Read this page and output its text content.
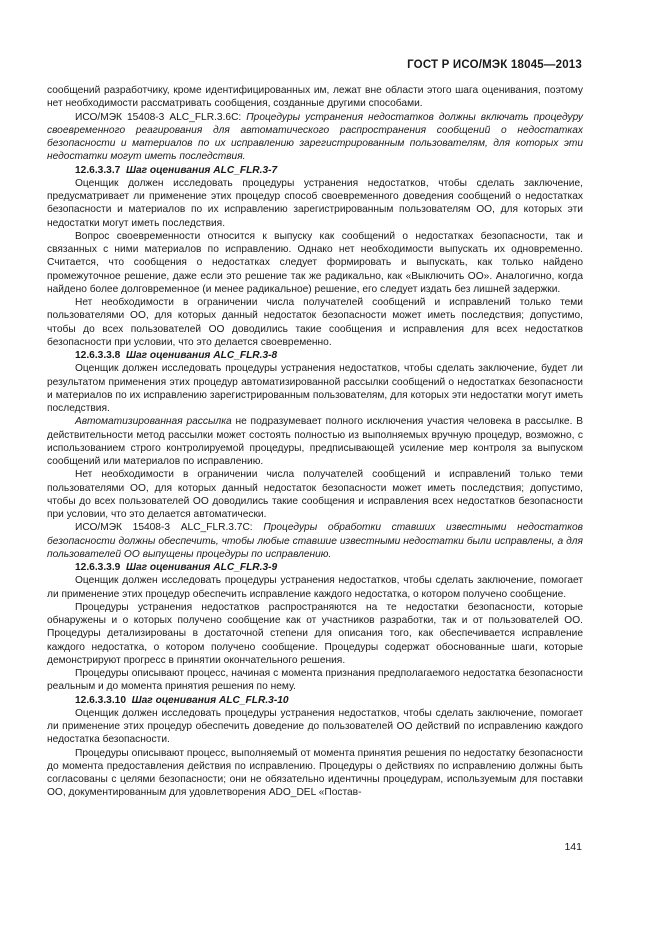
ГОСТ Р ИСО/МЭК 18045—2013

сообщений разработчику, кроме идентифицированных им, лежат вне области этого шага оценивания, поэтому нет необходимости рассматривать сообщения, созданные другими способами.

ИСО/МЭК 15408-3 ALC_FLR.3.6С: Процедуры устранения недостатков должны включать процедуру своевременного реагирования для автоматического распространения сообщений о недостатках безопасности и материалов по их исправлению зарегистрированным пользователям, для которых эти недостатки могут иметь последствия.

12.6.3.3.7 Шаг оценивания ALC_FLR.3-7

Оценщик должен исследовать процедуры устранения недостатков, чтобы сделать заключение, предусматривает ли применение этих процедур способ своевременного доведения сообщений о недостатках безопасности и материалов по их исправлению зарегистрированным пользователям ОО, для которых эти недостатки могут иметь последствия.

Вопрос своевременности относится к выпуску как сообщений о недостатках безопасности, так и связанных с ними материалов по исправлению. Однако нет необходимости выпускать их одновременно. Считается, что сообщения о недостатках следует формировать и выпускать, как только найдено промежуточное решение, даже если это решение так же радикально, как «Выключить ОО». Аналогично, когда найдено более долговременное (и менее радикальное) решение, его следует издать без лишней задержки.

Нет необходимости в ограничении числа получателей сообщений и исправлений только теми пользователями ОО, для которых данный недостаток безопасности может иметь последствия; допустимо, чтобы до всех пользователей ОО доводились такие сообщения и исправления для всех недостатков безопасности при условии, что это делается своевременно.

12.6.3.3.8 Шаг оценивания ALC_FLR.3-8

Оценщик должен исследовать процедуры устранения недостатков, чтобы сделать заключение, будет ли результатом применения этих процедур автоматизированной рассылки сообщений о недостатках безопасности и материалов по их исправлению зарегистрированным пользователям, для которых эти недостатки могут иметь последствия.

Автоматизированная рассылка не подразумевает полного исключения участия человека в рассылке. В действительности метод рассылки может состоять полностью из выполняемых вручную процедур, возможно, с использованием строго контролируемой процедуры, предписывающей усиление мер контроля за выпуском сообщений или материалов по исправлению.

Нет необходимости в ограничении числа получателей сообщений и исправлений только теми пользователями ОО, для которых данный недостаток безопасности может иметь последствия; допустимо, чтобы до всех пользователей ОО доводились такие сообщения и исправления всех недостатков безопасности при условии, что это делается автоматически.

ИСО/МЭК 15408-3 ALC_FLR.3.7С: Процедуры обработки ставших известными недостатков безопасности должны обеспечить, чтобы любые ставшие известными недостатки были исправлены, а для пользователей ОО выпущены процедуры по исправлению.

12.6.3.3.9 Шаг оценивания ALC_FLR.3-9

Оценщик должен исследовать процедуры устранения недостатков, чтобы сделать заключение, помогает ли применение этих процедур обеспечить исправление каждого недостатка, о котором получено сообщение.

Процедуры устранения недостатков распространяются на те недостатки безопасности, которые обнаружены и о которых получено сообщение как от участников разработки, так и от пользователей ОО. Процедуры детализированы в достаточной степени для описания того, как обеспечивается исправление каждого недостатка, о котором получено сообщение. Процедуры содержат обоснованные шаги, которые демонстрируют прогресс в принятии окончательного решения.

Процедуры описывают процесс, начиная с момента признания предполагаемого недостатка безопасности реальным и до момента принятия решения по нему.

12.6.3.3.10 Шаг оценивания ALC_FLR.3-10

Оценщик должен исследовать процедуры устранения недостатков, чтобы сделать заключение, помогает ли применение этих процедур обеспечить доведение до пользователей ОО действий по исправлению каждого недостатка безопасности.

Процедуры описывают процесс, выполняемый от момента принятия решения по недостатку безопасности до момента предоставления действия по исправлению. Процедуры о действиях по исправлению должны быть согласованы с целями безопасности; они не обязательно идентичны процедурам, используемым для поставки ОО, документированным для удовлетворения ADO_DEL «Постав-

141
